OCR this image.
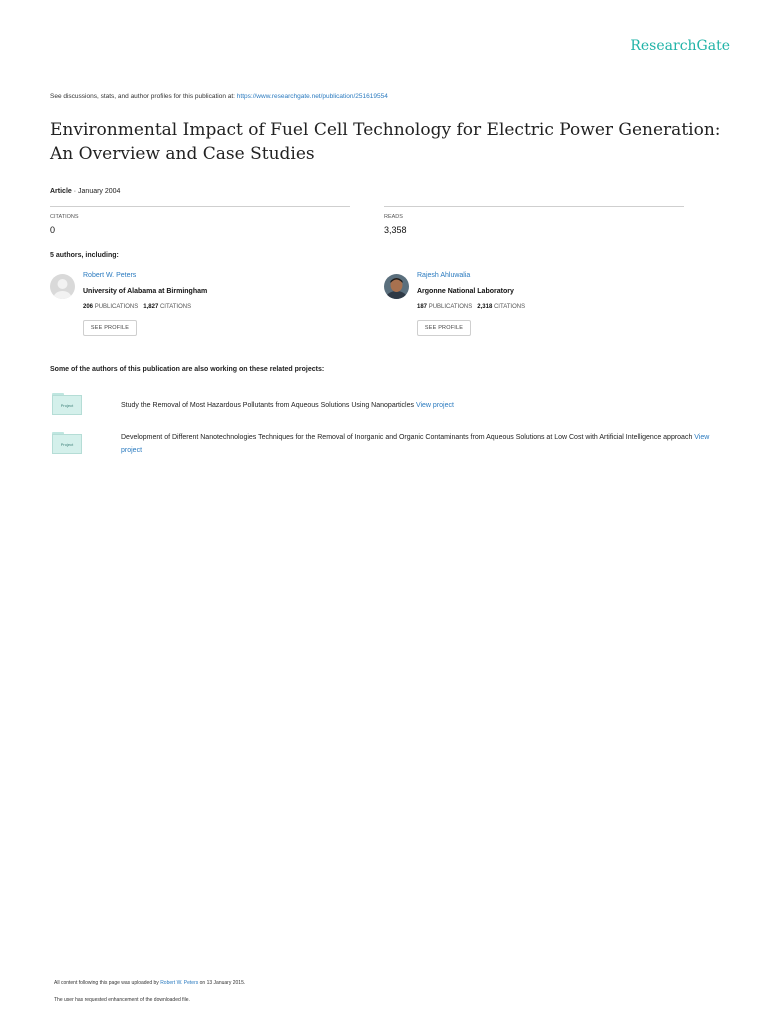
ResearchGate
See discussions, stats, and author profiles for this publication at: https://www.researchgate.net/publication/251619554
Environmental Impact of Fuel Cell Technology for Electric Power Generation: An Overview and Case Studies
Article · January 2004
CITATIONS
0
READS
3,358
5 authors, including:
Robert W. Peters
University of Alabama at Birmingham
206 PUBLICATIONS 1,827 CITATIONS
SEE PROFILE
Rajesh Ahluwalia
Argonne National Laboratory
187 PUBLICATIONS 2,318 CITATIONS
SEE PROFILE
Some of the authors of this publication are also working on these related projects:
Project	Study the Removal of Most Hazardous Pollutants from Aqueous Solutions Using Nanoparticles View project
Project
Development of Different Nanotechnologies Techniques for the Removal of Inorganic and Organic Contaminants from Aqueous Solutions at Low Cost with Artificial Intelligence approach View project
All content following this page was uploaded by Robert W. Peters on 13 January 2015.
The user has requested enhancement of the downloaded file.
